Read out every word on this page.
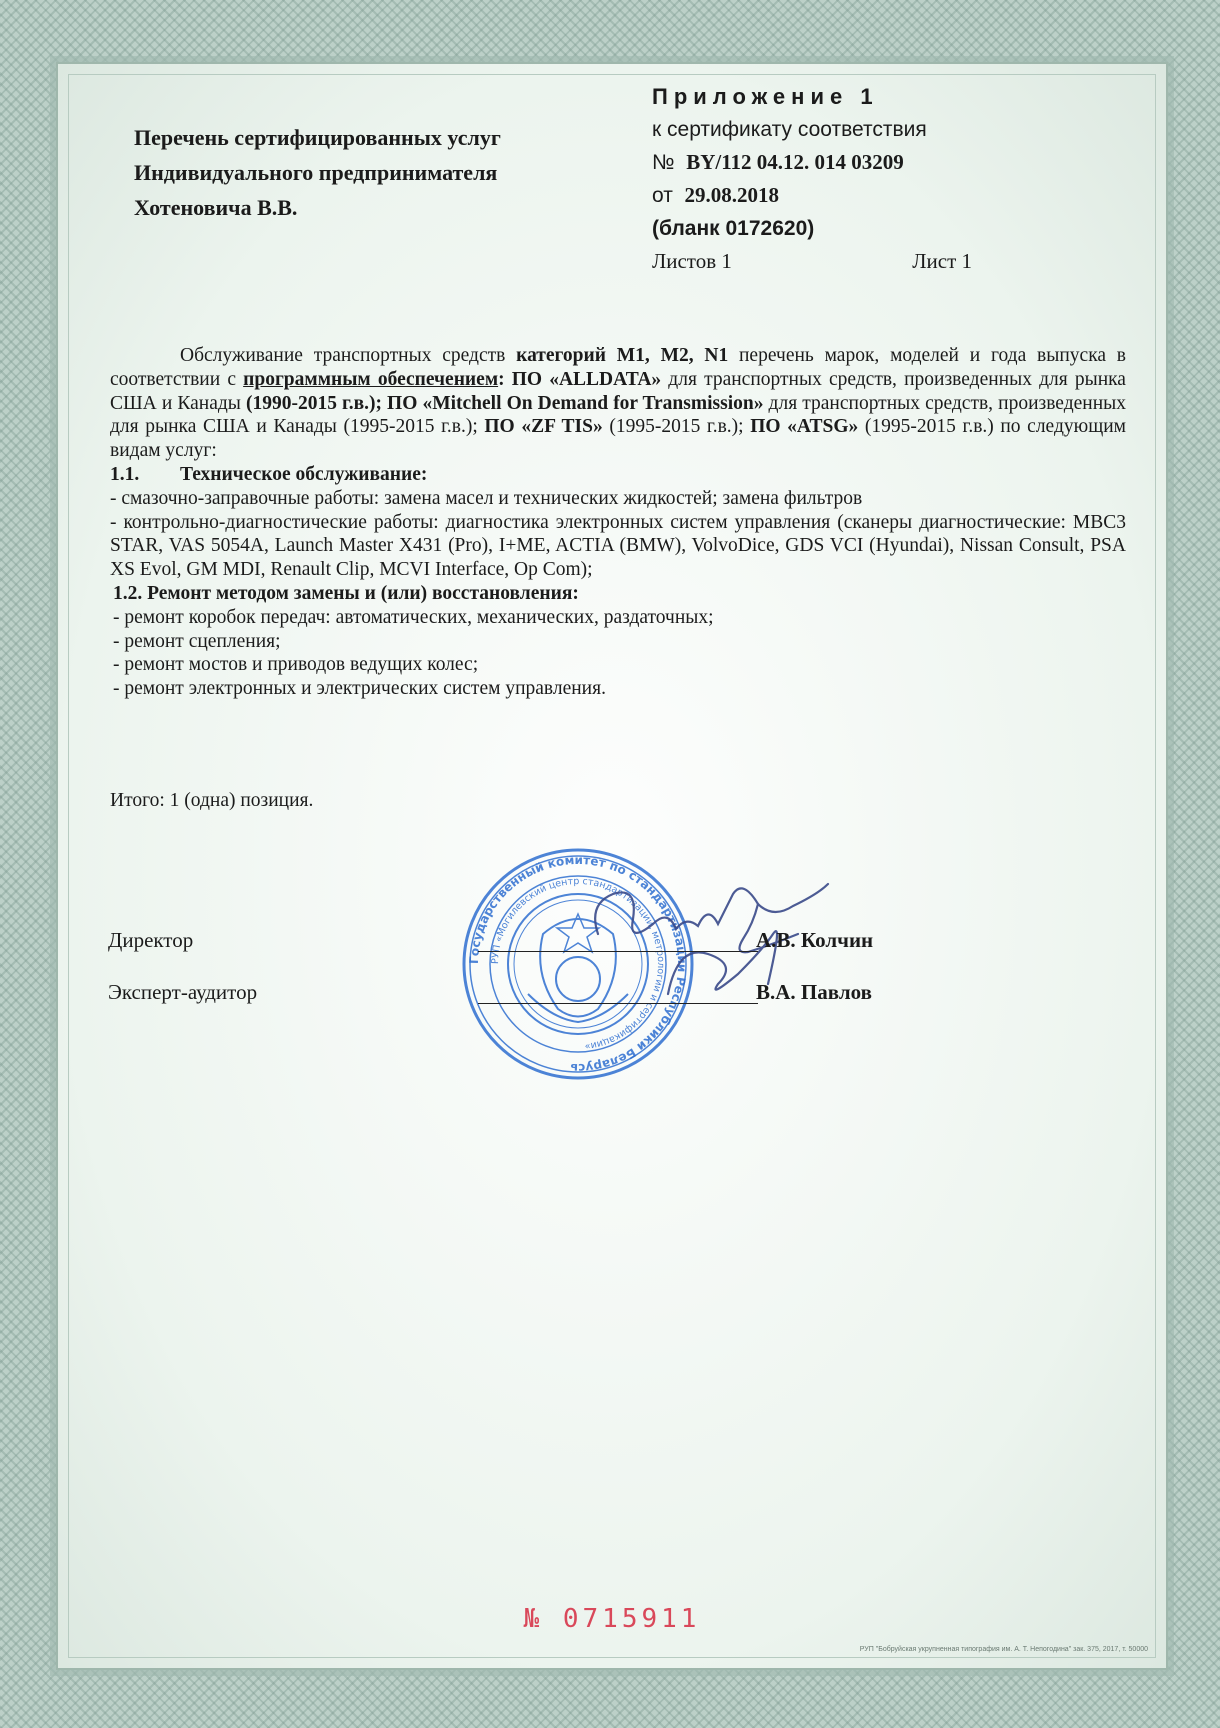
Перечень сертифицированных услуг
Индивидуального предпринимателя
Хотеновича В.В.
Приложение 1
к сертификату соответствия
№ BY/112 04.12. 014 03209
от 29.08.2018
(бланк 0172620)
Листов 1	Лист 1

Обслуживание транспортных средств категорий M1, M2, N1 перечень марок, моделей и года выпуска в соответствии с программным обеспечением: ПО «ALLDATA» для транспортных средств, произведенных для рынка США и Канады (1990-2015 г.в.); ПО «Mitchell On Demand for Transmission» для транспортных средств, произведенных для рынка США и Канады (1995-2015 г.в.); ПО «ZF TIS» (1995-2015 г.в.); ПО «ATSG» (1995-2015 г.в.) по следующим видам услуг:

1.1. Техническое обслуживание:

- смазочно-заправочные работы: замена масел и технических жидкостей; замена фильтров

- контрольно-диагностические работы: диагностика электронных систем управления (сканеры диагностические: MBC3 STAR, VAS 5054A, Launch Master X431 (Pro), I+ME, ACTIA (BMW), VolvoDice, GDS VCI (Hyundai), Nissan Consult, PSA XS Evol, GM MDI, Renault Clip, MCVI Interface, Op Com);

1.2. Ремонт методом замены и (или) восстановления:
- ремонт коробок передач: автоматических, механических, раздаточных;
- ремонт сцепления;
- ремонт мостов и приводов ведущих колес;
- ремонт электронных и электрических систем управления.
Итого: 1 (одна) позиция.
Государственный комитет по стандартизации Республики Беларусь
РУП «Могилевский центр стандартизации, метрологии и сертификации»
Директор	А.В. Колчин
Эксперт-аудитор	В.А. Павлов
№ 0715911
РУП "Бобруйская укрупненная типография им. А. Т. Непогодина" зак. 375, 2017, т. 50000
